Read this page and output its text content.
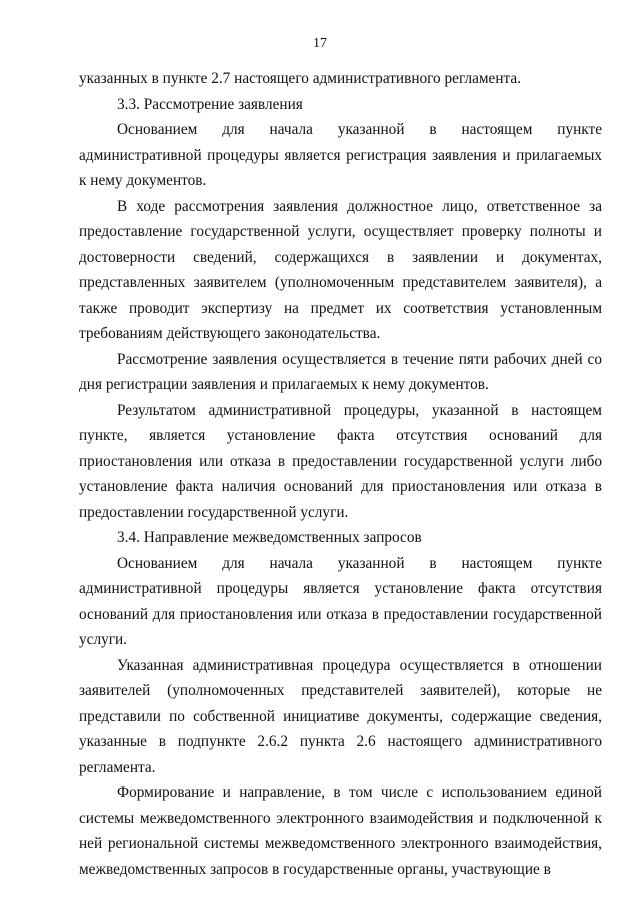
17

указанных в пункте 2.7 настоящего административного регламента.

3.3. Рассмотрение заявления

Основанием для начала указанной в настоящем пункте административной процедуры является регистрация заявления и прилагаемых к нему документов.

В ходе рассмотрения заявления должностное лицо, ответственное за предоставление государственной услуги, осуществляет проверку полноты и достоверности сведений, содержащихся в заявлении и документах, представленных заявителем (уполномоченным представителем заявителя), а также проводит экспертизу на предмет их соответствия установленным требованиям действующего законодательства.

Рассмотрение заявления осуществляется в течение пяти рабочих дней со дня регистрации заявления и прилагаемых к нему документов.

Результатом административной процедуры, указанной в настоящем пункте, является установление факта отсутствия оснований для приостановления или отказа в предоставлении государственной услуги либо установление факта наличия оснований для приостановления или отказа в предоставлении государственной услуги.

3.4. Направление межведомственных запросов

Основанием для начала указанной в настоящем пункте административной процедуры является установление факта отсутствия оснований для приостановления или отказа в предоставлении государственной услуги.

Указанная административная процедура осуществляется в отношении заявителей (уполномоченных представителей заявителей), которые не представили по собственной инициативе документы, содержащие сведения, указанные в подпункте 2.6.2 пункта 2.6 настоящего административного регламента.

Формирование и направление, в том числе с использованием единой системы межведомственного электронного взаимодействия и подключенной к ней региональной системы межведомственного электронного взаимодействия, межведомственных запросов в государственные органы, участвующие в
